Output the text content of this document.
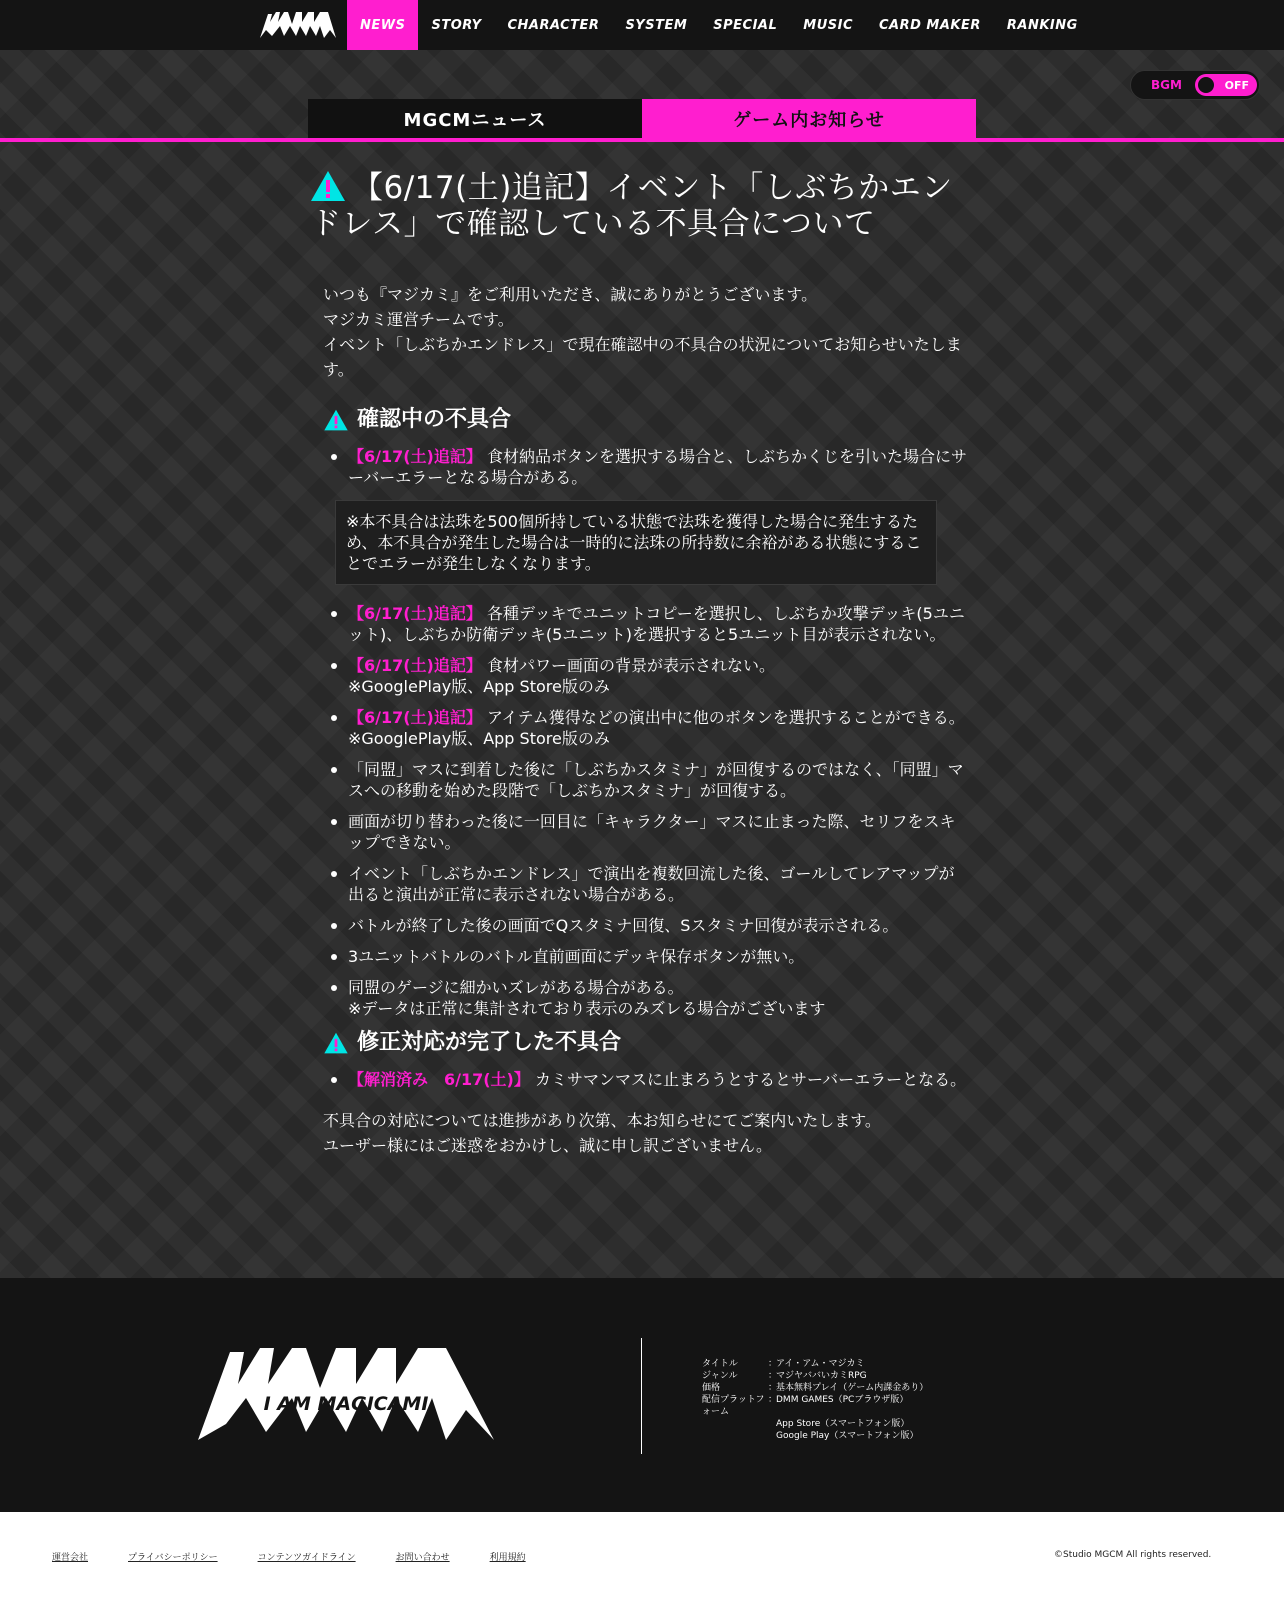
NEWS	STORY	CHARACTER	SYSTEM	SPECIAL	MUSIC	CARD MAKER	RANKING
BGM	OFF
MGCMニュース	ゲーム内お知らせ
【6/17(土)追記】イベント「しぶちかエンドレス」で確認している不具合について

いつも『マジカミ』をご利用いただき、誠にありがとうございます。

マジカミ運営チームです。

イベント「しぶちかエンドレス」で現在確認中の不具合の状況についてお知らせいたします。

確認中の不具合
【6/17(土)追記】 食材納品ボタンを選択する場合と、しぶちかくじを引いた場合にサーバーエラーとなる場合がある。
※本不具合は法珠を500個所持している状態で法珠を獲得した場合に発生するため、本不具合が発生した場合は一時的に法珠の所持数に余裕がある状態にすることでエラーが発生しなくなります。
【6/17(土)追記】 各種デッキでユニットコピーを選択し、しぶちか攻撃デッキ(5ユニット)、しぶちか防衛デッキ(5ユニット)を選択すると5ユニット目が表示されない。
【6/17(土)追記】 食材パワー画面の背景が表示されない。
※GooglePlay版、App Store版のみ
【6/17(土)追記】 アイテム獲得などの演出中に他のボタンを選択することができる。
※GooglePlay版、App Store版のみ
「同盟」マスに到着した後に「しぶちかスタミナ」が回復するのではなく、「同盟」マスへの移動を始めた段階で「しぶちかスタミナ」が回復する。
画面が切り替わった後に一回目に「キャラクター」マスに止まった際、セリフをスキップできない。
イベント「しぶちかエンドレス」で演出を複数回流した後、ゴールしてレアマップが出ると演出が正常に表示されない場合がある。
バトルが終了した後の画面でQスタミナ回復、Sスタミナ回復が表示される。
3ユニットバトルのバトル直前画面にデッキ保存ボタンが無い。
同盟のゲージに細かいズレがある場合がある。
※データは正常に集計されており表示のみズレる場合がございます
修正対応が完了した不具合
【解消済み　6/17(土)】 カミサマンマスに止まろうとするとサーバーエラーとなる。

不具合の対応については進捗があり次第、本お知らせにてご案内いたします。

ユーザー様にはご迷惑をおかけし、誠に申し訳ございません。

I AM MAGICAMI
タイトル	：
アイ・アム・マジカミ
ジャンル	：
マジヤババいカミRPG
価格	：
基本無料プレイ（ゲーム内課金あり）
配信プラットフォーム
：
DMM GAMES（PCブラウザ版）
App Store（スマートフォン版）
Google Play（スマートフォン版）
運営会社	プライバシーポリシー	コンテンツガイドライン	お問い合わせ	利用規約	©Studio MGCM All rights reserved.
